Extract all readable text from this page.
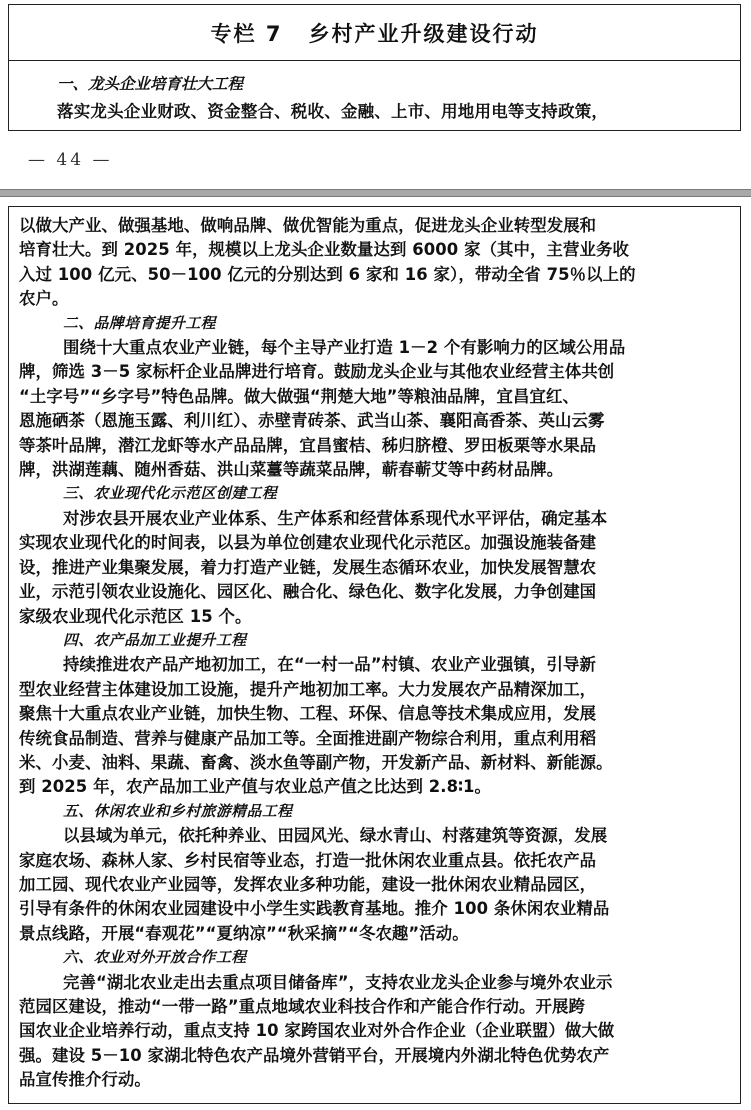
专栏 7 乡村产业升级建设行动
一、龙头企业培育壮大工程
落实龙头企业财政、资金整合、税收、金融、上市、用地用电等支持政策，
— 44 —
以做大产业、做强基地、做响品牌、做优智能为重点，促进龙头企业转型发展和
培育壮大。到 2025 年，规模以上龙头企业数量达到 6000 家（其中，主营业务收
入过 100 亿元、50－100 亿元的分别达到 6 家和 16 家），带动全省 75％以上的
农户。
二、品牌培育提升工程
围绕十大重点农业产业链，每个主导产业打造 1－2 个有影响力的区域公用品
牌，筛选 3－5 家标杆企业品牌进行培育。鼓励龙头企业与其他农业经营主体共创
“土字号”“乡字号”特色品牌。做大做强“荆楚大地”等粮油品牌，宜昌宜红、
恩施硒茶（恩施玉露、利川红）、赤壁青砖茶、武当山茶、襄阳高香茶、英山云雾
等茶叶品牌，潜江龙虾等水产品品牌，宜昌蜜桔、秭归脐橙、罗田板栗等水果品
牌，洪湖莲藕、随州香菇、洪山菜薹等蔬菜品牌，蕲春蕲艾等中药材品牌。
三、农业现代化示范区创建工程
对涉农县开展农业产业体系、生产体系和经营体系现代水平评估，确定基本
实现农业现代化的时间表，以县为单位创建农业现代化示范区。加强设施装备建
设，推进产业集聚发展，着力打造产业链，发展生态循环农业，加快发展智慧农
业，示范引领农业设施化、园区化、融合化、绿色化、数字化发展，力争创建国
家级农业现代化示范区 15 个。
四、农产品加工业提升工程
持续推进农产品产地初加工，在“一村一品”村镇、农业产业强镇，引导新
型农业经营主体建设加工设施，提升产地初加工率。大力发展农产品精深加工，
聚焦十大重点农业产业链，加快生物、工程、环保、信息等技术集成应用，发展
传统食品制造、营养与健康产品加工等。全面推进副产物综合利用，重点利用稻
米、小麦、油料、果蔬、畜禽、淡水鱼等副产物，开发新产品、新材料、新能源。
到 2025 年，农产品加工业产值与农业总产值之比达到 2.8∶1。
五、休闲农业和乡村旅游精品工程
以县域为单元，依托种养业、田园风光、绿水青山、村落建筑等资源，发展
家庭农场、森林人家、乡村民宿等业态，打造一批休闲农业重点县。依托农产品
加工园、现代农业产业园等，发挥农业多种功能，建设一批休闲农业精品园区，
引导有条件的休闲农业园建设中小学生实践教育基地。推介 100 条休闲农业精品
景点线路，开展“春观花”“夏纳凉”“秋采摘”“冬农趣”活动。
六、农业对外开放合作工程
完善“湖北农业走出去重点项目储备库”，支持农业龙头企业参与境外农业示
范园区建设，推动“一带一路”重点地域农业科技合作和产能合作行动。开展跨
国农业企业培养行动，重点支持 10 家跨国农业对外合作企业（企业联盟）做大做
强。建设 5－10 家湖北特色农产品境外营销平台，开展境内外湖北特色优势农产
品宣传推介行动。
